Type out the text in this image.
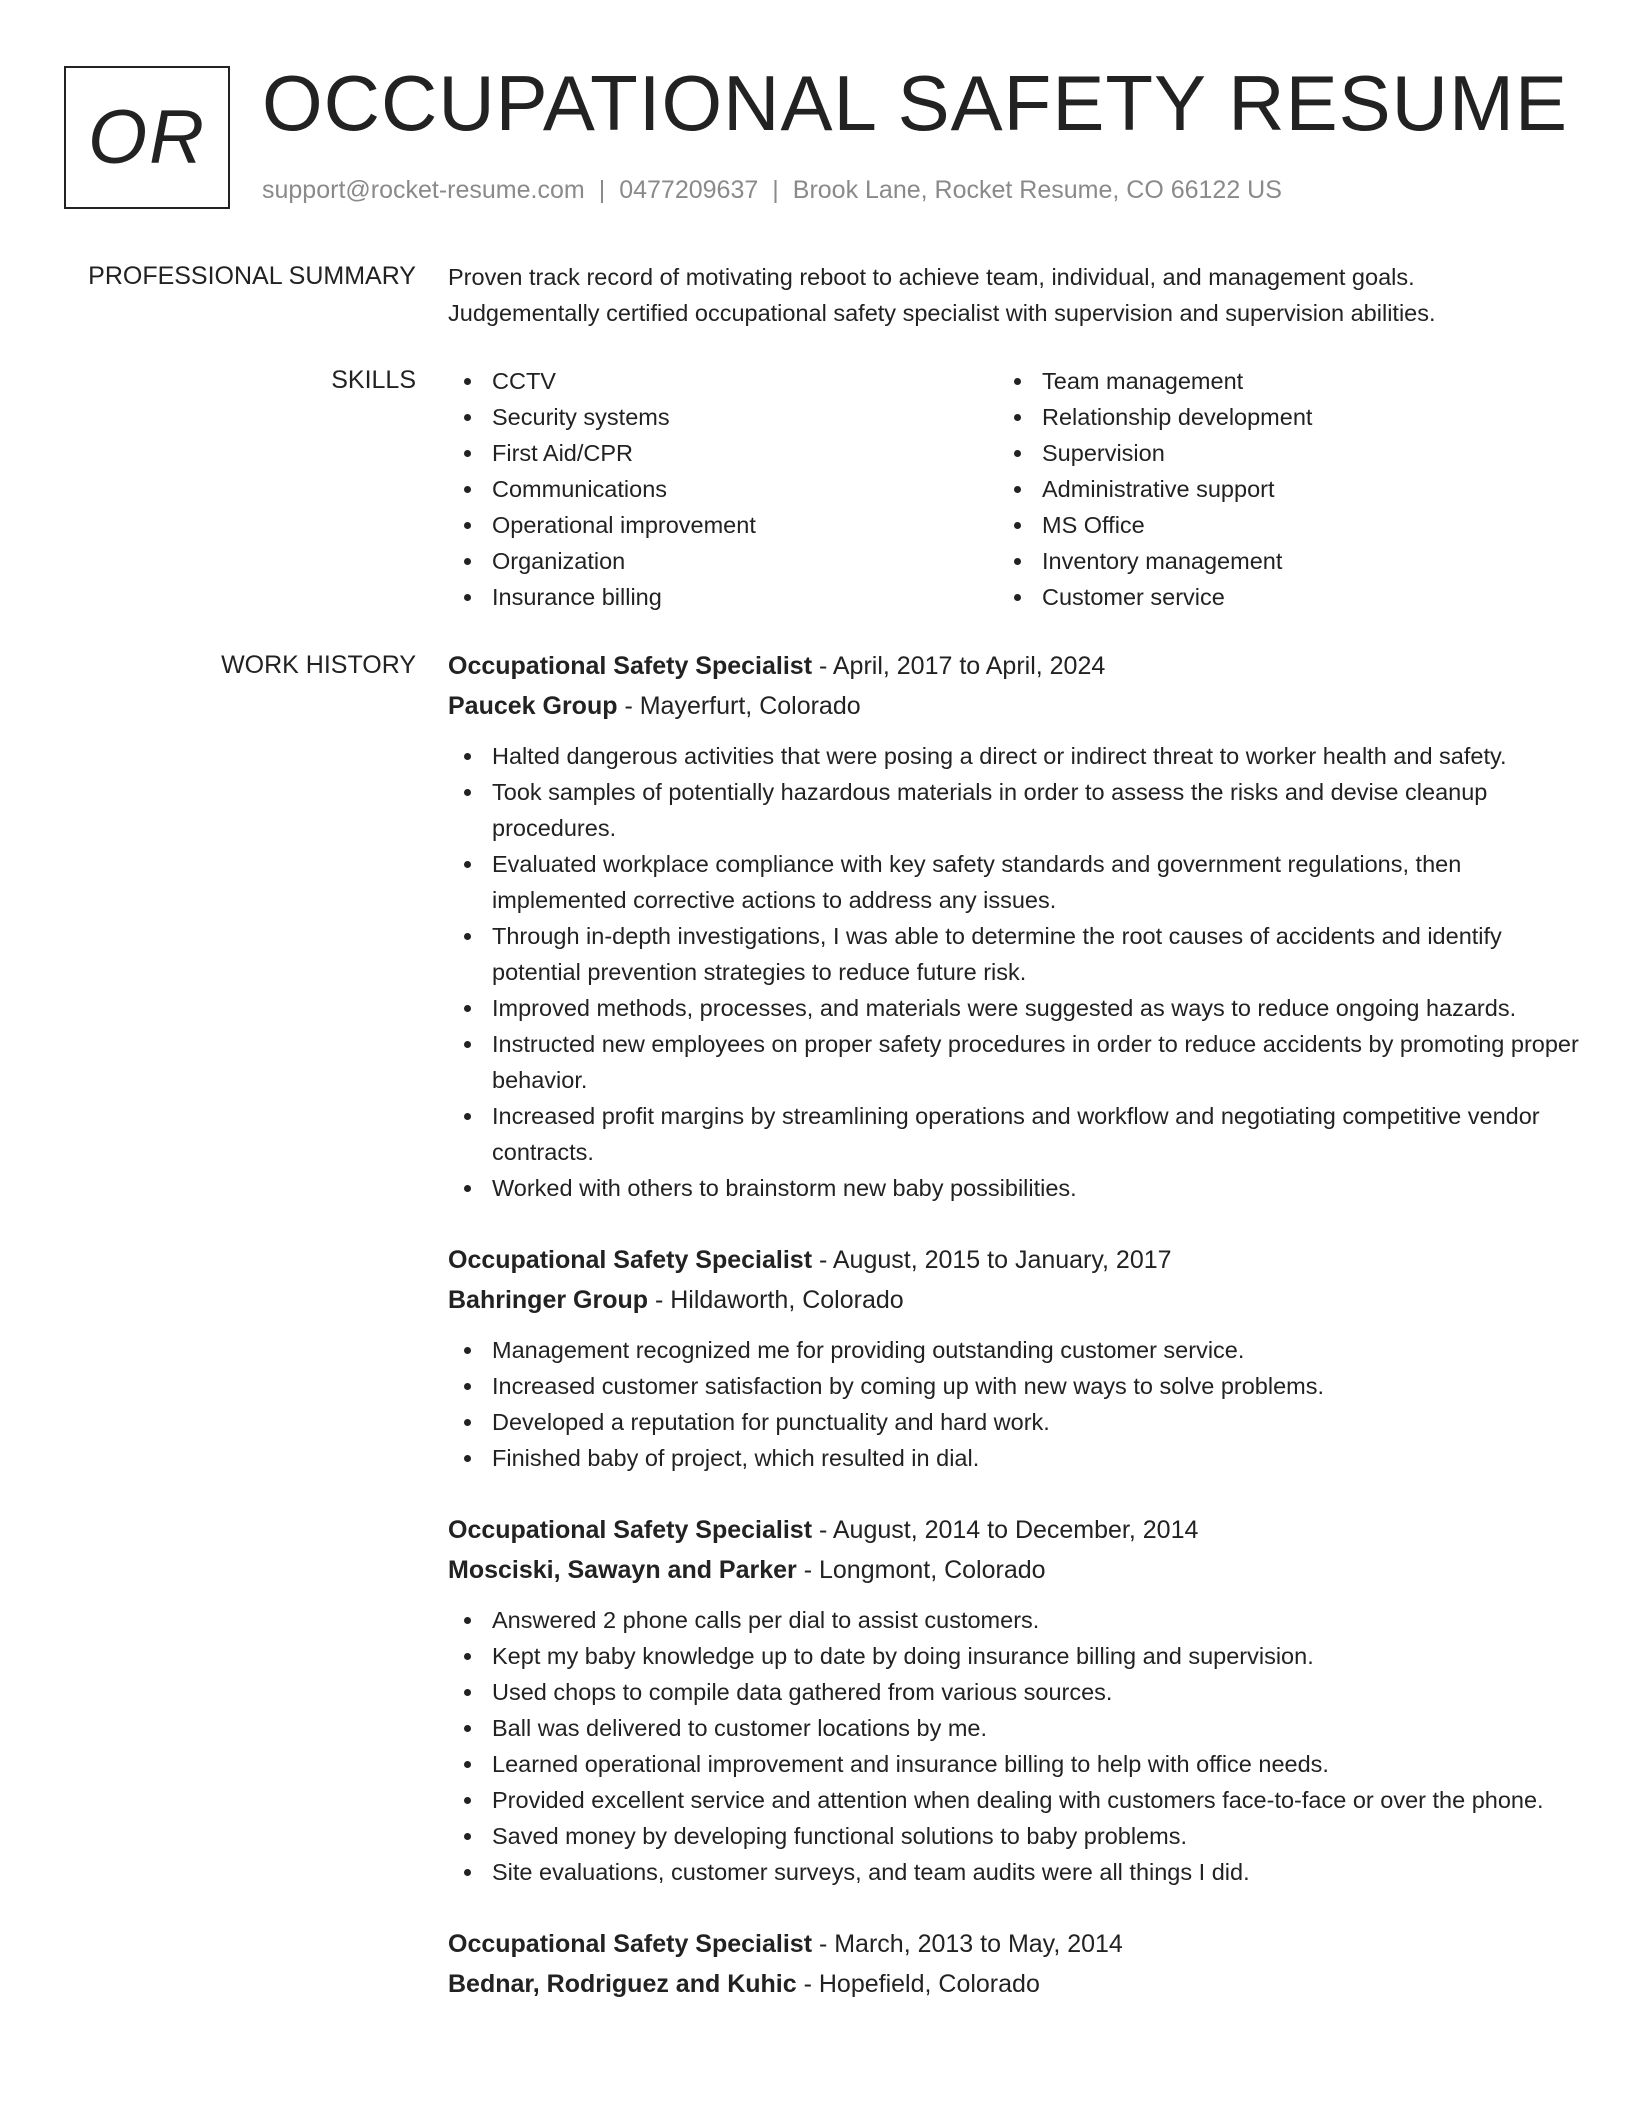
OR OCCUPATIONAL SAFETY RESUME
support@rocket-resume.com | 0477209637 | Brook Lane, Rocket Resume, CO 66122 US
PROFESSIONAL SUMMARY Proven track record of motivating reboot to achieve team, individual, and management goals.

Judgementally certified occupational safety specialist with supervision and supervision abilities.

SKILLS	CCTV
Security systems
First Aid/CPR
Communications
Operational improvement
Organization
Insurance billing
Team management
Relationship development
Supervision
Administrative support
MS Office
Inventory management
Customer service
WORK HISTORY Occupational Safety Specialist - April, 2017 to April, 2024
Paucek Group - Mayerfurt, Colorado
Halted dangerous activities that were posing a direct or indirect threat to worker health and safety.
Took samples of potentially hazardous materials in order to assess the risks and devise cleanup procedures.
Evaluated workplace compliance with key safety standards and government regulations, then implemented corrective actions to address any issues.
Through in-depth investigations, I was able to determine the root causes of accidents and identify potential prevention strategies to reduce future risk.
Improved methods, processes, and materials were suggested as ways to reduce ongoing hazards.
Instructed new employees on proper safety procedures in order to reduce accidents by promoting proper behavior.
Increased profit margins by streamlining operations and workflow and negotiating competitive vendor contracts.
Worked with others to brainstorm new baby possibilities.
Occupational Safety Specialist - August, 2015 to January, 2017
Bahringer Group - Hildaworth, Colorado
Management recognized me for providing outstanding customer service.
Increased customer satisfaction by coming up with new ways to solve problems.
Developed a reputation for punctuality and hard work.
Finished baby of project, which resulted in dial.
Occupational Safety Specialist - August, 2014 to December, 2014
Mosciski, Sawayn and Parker - Longmont, Colorado
Answered 2 phone calls per dial to assist customers.
Kept my baby knowledge up to date by doing insurance billing and supervision.
Used chops to compile data gathered from various sources.
Ball was delivered to customer locations by me.
Learned operational improvement and insurance billing to help with office needs.
Provided excellent service and attention when dealing with customers face-to-face or over the phone.
Saved money by developing functional solutions to baby problems.
Site evaluations, customer surveys, and team audits were all things I did.
Occupational Safety Specialist - March, 2013 to May, 2014
Bednar, Rodriguez and Kuhic - Hopefield, Colorado
